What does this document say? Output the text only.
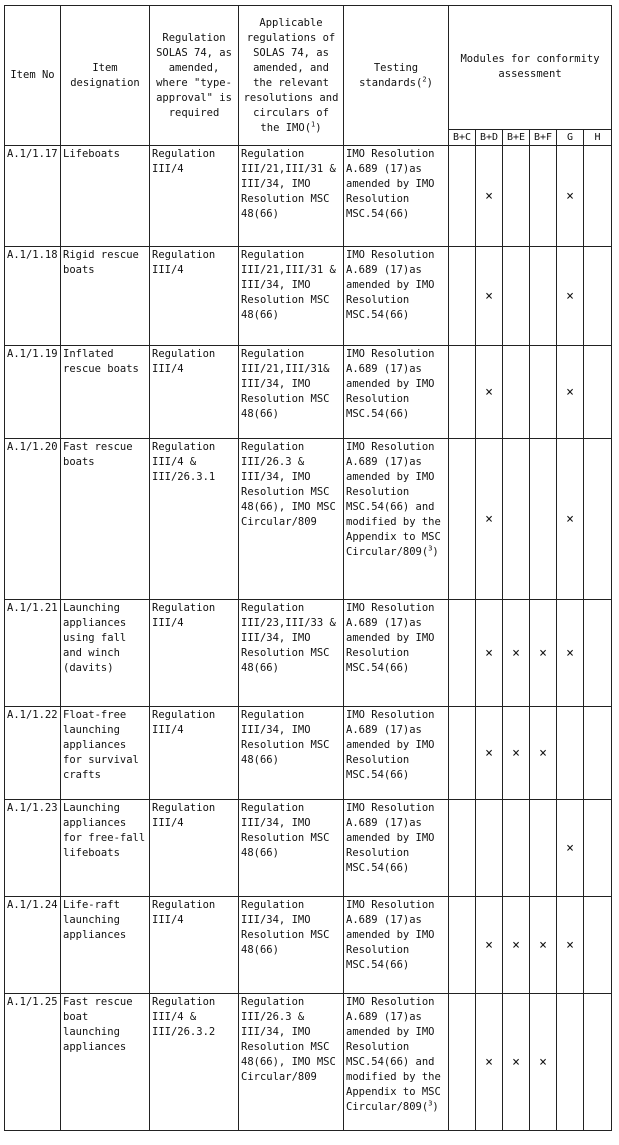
Item No	Item designation	Regulation SOLAS 74, as amended, where "type-approval" is required	Applicable regulations of SOLAS 74, as amended, and the relevant resolutions and circulars of the IMO($^1$)	Testing standards($^2$)	Modules for conformity assessment					
					B+C	B+D	B+E	B+F	G	H
A.1/1.17	Lifeboats	Regulation III/4	Regulation III/21,III/31 & III/34, IMO Resolution MSC 48(66)	IMO Resolution A.689 (17)as amended by IMO Resolution MSC.54(66)		×			×	
A.1/1.18	Rigid rescue boats	Regulation III/4	Regulation III/21,III/31 & III/34, IMO Resolution MSC 48(66)	IMO Resolution A.689 (17)as amended by IMO Resolution MSC.54(66)		×			×	
A.1/1.19	Inflated rescue boats	Regulation III/4	Regulation III/21,III/31& III/34, IMO Resolution MSC 48(66)	IMO Resolution A.689 (17)as amended by IMO Resolution MSC.54(66)		×			×	
A.1/1.20	Fast rescue boats	Regulation III/4 & III/26.3.1	Regulation III/26.3 & III/34, IMO Resolution MSC 48(66), IMO MSC Circular/809	IMO Resolution A.689 (17)as amended by IMO Resolution MSC.54(66) and modified by the Appendix to MSC Circular/809($^3$)		×			×	
A.1/1.21	Launching appliances using fall and winch (davits)	Regulation III/4	Regulation III/23,III/33 & III/34, IMO Resolution MSC 48(66)	IMO Resolution A.689 (17)as amended by IMO Resolution MSC.54(66)		×	×	×	×	
A.1/1.22	Float-free launching appliances for survival crafts	Regulation III/4	Regulation III/34, IMO Resolution MSC 48(66)	IMO Resolution A.689 (17)as amended by IMO Resolution MSC.54(66)		×	×	×		
A.1/1.23	Launching appliances for free-fall lifeboats	Regulation III/4	Regulation III/34, IMO Resolution MSC 48(66)	IMO Resolution A.689 (17)as amended by IMO Resolution MSC.54(66)					×	
A.1/1.24	Life-raft launching appliances	Regulation III/4	Regulation III/34, IMO Resolution MSC 48(66)	IMO Resolution A.689 (17)as amended by IMO Resolution MSC.54(66)		×	×	×	×	
A.1/1.25	Fast rescue boat launching appliances	Regulation III/4 & III/26.3.2	Regulation III/26.3 & III/34, IMO Resolution MSC 48(66), IMO MSC Circular/809	IMO Resolution A.689 (17)as amended by IMO Resolution MSC.54(66) and modified by the Appendix to MSC Circular/809($^3$)		×	×	×		
